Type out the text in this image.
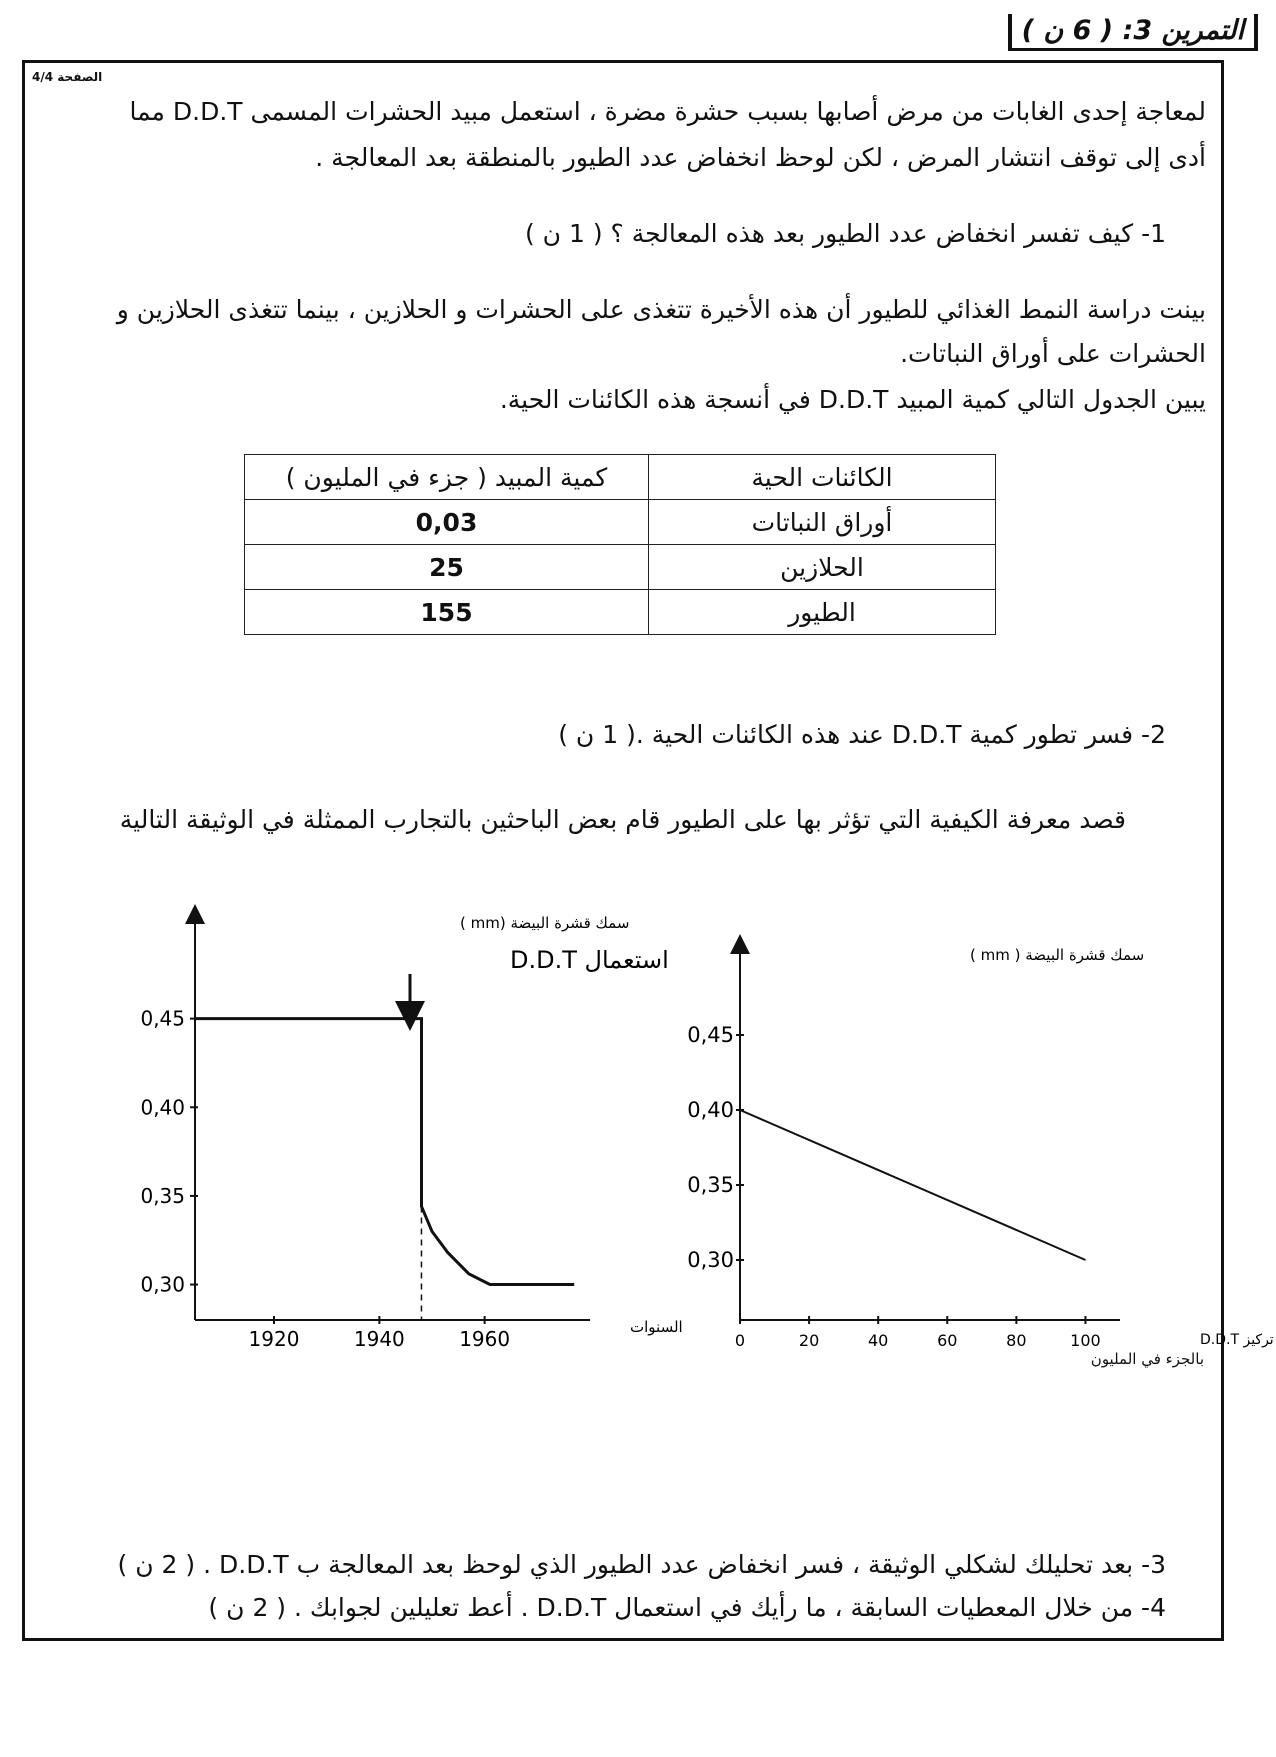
التمرين 3: ( 6 ن )
الصفحة 4/4
لمعاجة إحدى الغابات من مرض أصابها بسبب حشرة مضرة ، استعمل مبيد الحشرات المسمى D.D.T مما
أدى إلى توقف انتشار المرض ، لكن لوحظ انخفاض عدد الطيور بالمنطقة بعد المعالجة .
1- كيف تفسر انخفاض عدد الطيور بعد هذه المعالجة ؟ ( 1 ن )
بينت دراسة النمط الغذائي للطيور أن هذه الأخيرة تتغذى على الحشرات و الحلازين ، بينما تتغذى الحلازين و
الحشرات على أوراق النباتات.
يبين الجدول التالي كمية المبيد D.D.T في أنسجة هذه الكائنات الحية.
الكائنات الحية	كمية المبيد ( جزء في المليون )
أوراق النباتات	0,03
الحلازين	25
الطيور	155
2- فسر تطور كمية D.D.T عند هذه الكائنات الحية .( 1 ن )
قصد معرفة الكيفية التي تؤثر بها على الطيور قام بعض الباحثين بالتجارب الممثلة في الوثيقة التالية
سمك قشرة البيضة (mm )
استعمال D.D.T
0,45
0,40
0,35
0,30
1920	1940	1960	السنوات
سمك قشرة البيضة ( mm )
0,45
0,40
0,35
0,30
0	20	40	60	80	100	تركيز D.D.T
بالجزء في المليون
3- بعد تحليلك لشكلي الوثيقة ، فسر انخفاض عدد الطيور الذي لوحظ بعد المعالجة ب D.D.T . ( 2 ن )
4- من خلال المعطيات السابقة ، ما رأيك في استعمال D.D.T . أعط تعليلين لجوابك . ( 2 ن )
